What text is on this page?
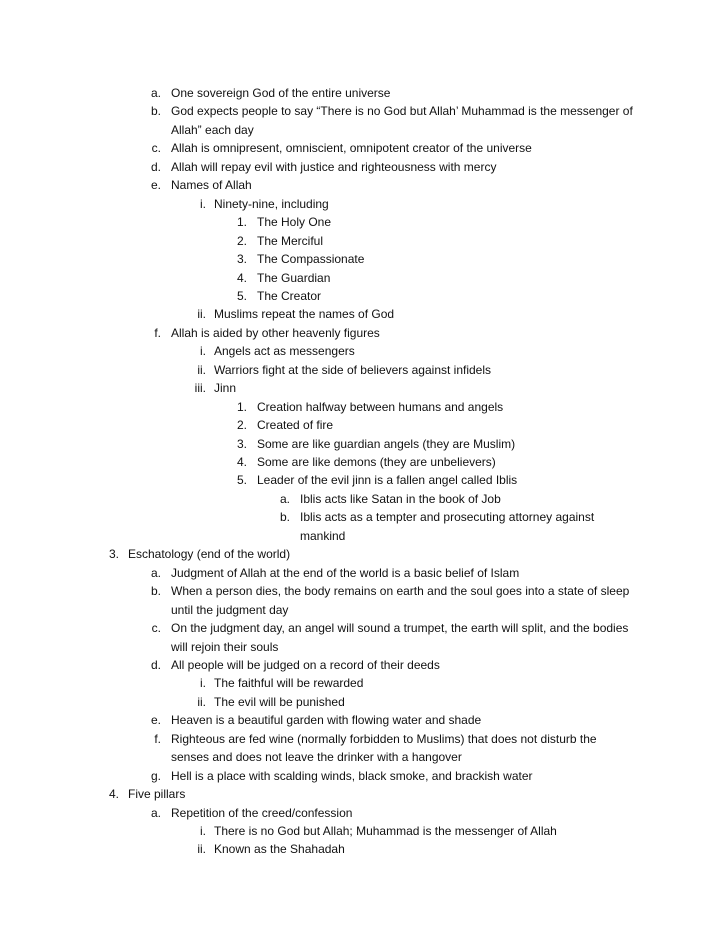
a. One sovereign God of the entire universe
b. God expects people to say “There is no God but Allah’ Muhammad is the messenger of
Allah” each day
c. Allah is omnipresent, omniscient, omnipotent creator of the universe
d. Allah will repay evil with justice and righteousness with mercy
e. Names of Allah
i. Ninety-nine, including
1. The Holy One
2. The Merciful
3. The Compassionate
4. The Guardian
5. The Creator
ii. Muslims repeat the names of God
f. Allah is aided by other heavenly figures
i. Angels act as messengers
ii. Warriors fight at the side of believers against infidels
iii. Jinn
1. Creation halfway between humans and angels
2. Created of fire
3. Some are like guardian angels (they are Muslim)
4. Some are like demons (they are unbelievers)
5. Leader of the evil jinn is a fallen angel called Iblis
a. Iblis acts like Satan in the book of Job
b. Iblis acts as a tempter and prosecuting attorney against
mankind
3. Eschatology (end of the world)
a. Judgment of Allah at the end of the world is a basic belief of Islam
b. When a person dies, the body remains on earth and the soul goes into a state of sleep
until the judgment day
c. On the judgment day, an angel will sound a trumpet, the earth will split, and the bodies
will rejoin their souls
d. All people will be judged on a record of their deeds
i. The faithful will be rewarded
ii. The evil will be punished
e. Heaven is a beautiful garden with flowing water and shade
f. Righteous are fed wine (normally forbidden to Muslims) that does not disturb the
senses and does not leave the drinker with a hangover
g. Hell is a place with scalding winds, black smoke, and brackish water
4. Five pillars
a. Repetition of the creed/confession
i. There is no God but Allah; Muhammad is the messenger of Allah
ii. Known as the Shahadah
